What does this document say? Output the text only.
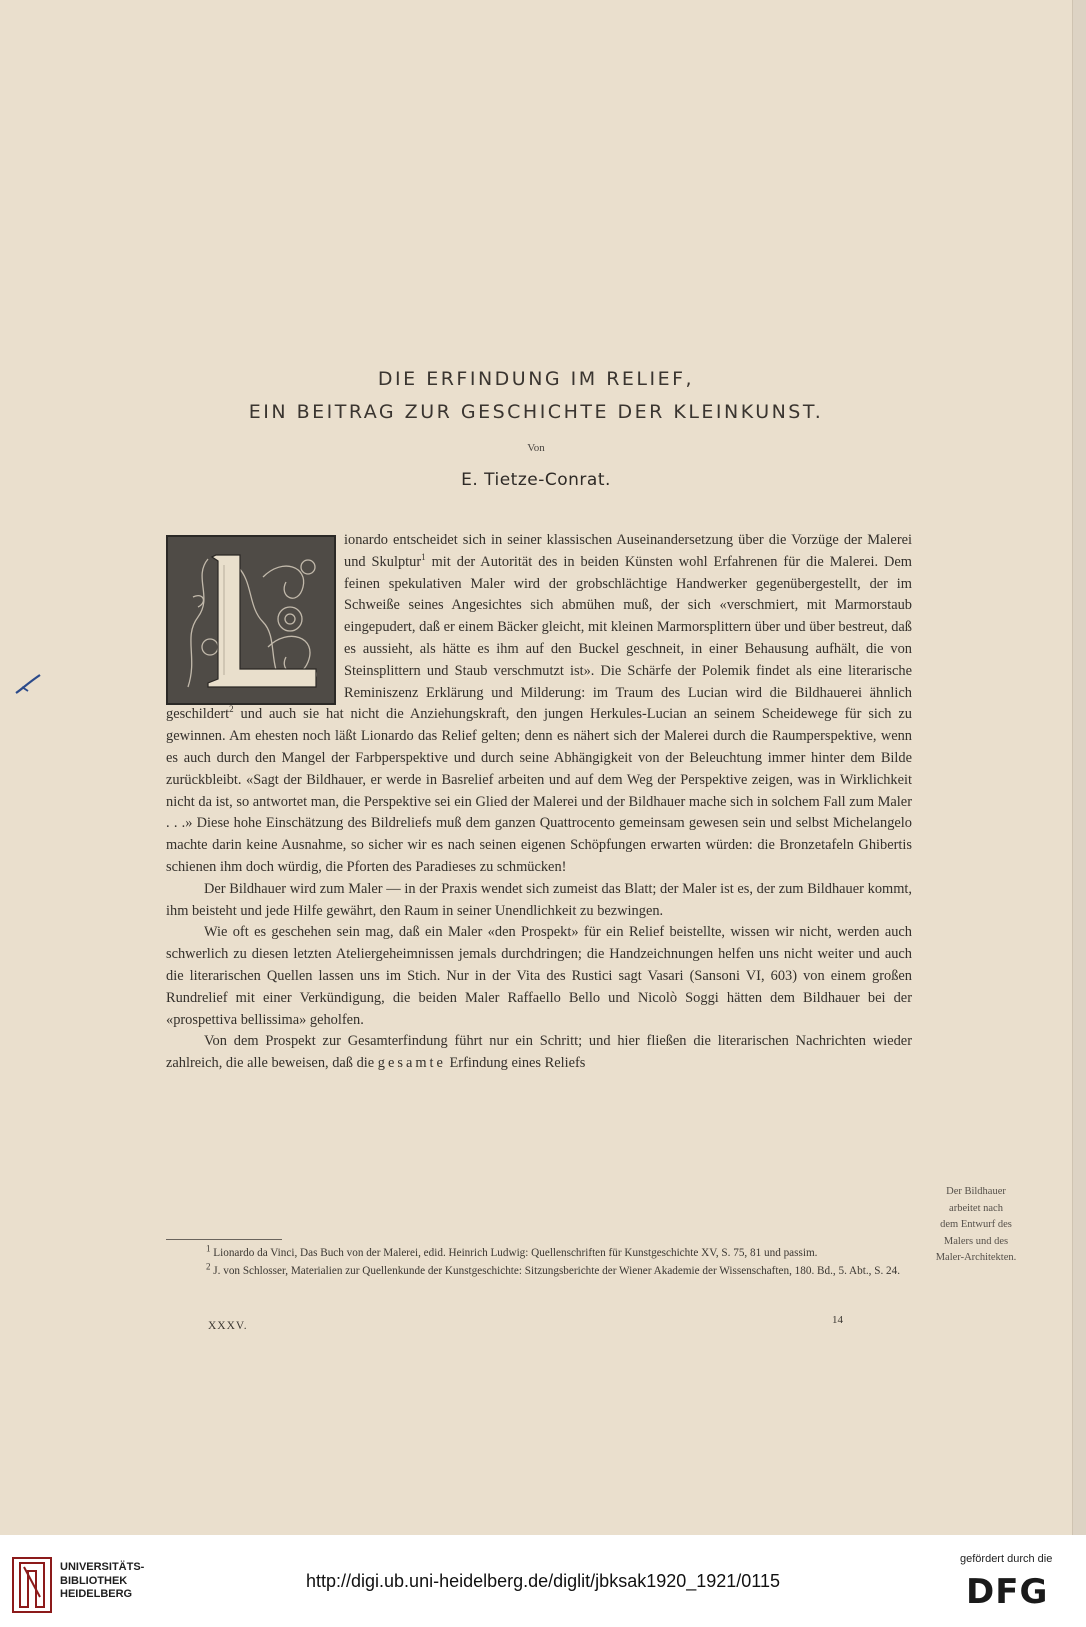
DIE ERFINDUNG IM RELIEF,
EIN BEITRAG ZUR GESCHICHTE DER KLEINKUNST.
Von
E. Tietze-Conrat.

ionardo entscheidet sich in seiner klassischen Auseinandersetzung über die Vorzüge der Malerei und Skulptur$^1$ mit der Autorität des in beiden Künsten wohl Erfahrenen für die Malerei. Dem feinen spekulativen Maler wird der grobschlächtige Handwerker gegenübergestellt, der im Schweiße seines Angesichtes sich abmühen muß, der sich «verschmiert, mit Marmorstaub eingepudert, daß er einem Bäcker gleicht, mit kleinen Marmorsplittern über und über bestreut, daß es aussieht, als hätte es ihm auf den Buckel geschneit, in einer Behausung aufhält, die von Steinsplittern und Staub verschmutzt ist». Die Schärfe der Polemik findet als eine literarische Reminiszenz Erklärung und Milderung: im Traum des Lucian wird die Bildhauerei ähnlich geschildert$^2$ und auch sie hat nicht die Anziehungskraft, den jungen Herkules-Lucian an seinem Scheidewege für sich zu gewinnen. Am ehesten noch läßt Lionardo das Relief gelten; denn es nähert sich der Malerei durch die Raumperspektive, wenn es auch durch den Mangel der Farbperspektive und durch seine Abhängigkeit von der Beleuchtung immer hinter dem Bilde zurückbleibt. «Sagt der Bildhauer, er werde in Basrelief arbeiten und auf dem Weg der Perspektive zeigen, was in Wirklichkeit nicht da ist, so antwortet man, die Perspektive sei ein Glied der Malerei und der Bildhauer mache sich in solchem Fall zum Maler . . .» Diese hohe Einschätzung des Bildreliefs muß dem ganzen Quattrocento gemeinsam gewesen sein und selbst Michelangelo machte darin keine Ausnahme, so sicher wir es nach seinen eigenen Schöpfungen erwarten würden: die Bronzetafeln Ghibertis schienen ihm doch würdig, die Pforten des Paradieses zu schmücken!

Der Bildhauer wird zum Maler — in der Praxis wendet sich zumeist das Blatt; der Maler ist es, der zum Bildhauer kommt, ihm beisteht und jede Hilfe gewährt, den Raum in seiner Unendlichkeit zu bezwingen.

Wie oft es geschehen sein mag, daß ein Maler «den Prospekt» für ein Relief beistellte, wissen wir nicht, werden auch schwerlich zu diesen letzten Ateliergeheimnissen jemals durchdringen; die Handzeichnungen helfen uns nicht weiter und auch die literarischen Quellen lassen uns im Stich. Nur in der Vita des Rustici sagt Vasari (Sansoni VI, 603) von einem großen Rundrelief mit einer Verkündigung, die beiden Maler Raffaello Bello und Nicolò Soggi hätten dem Bildhauer bei der «prospettiva bellissima» geholfen.

Von dem Prospekt zur Gesamterfindung führt nur ein Schritt; und hier fließen die literarischen Nachrichten wieder zahlreich, die alle beweisen, daß die gesamte Erfindung eines Reliefs

Der Bildhauer
arbeitet nach
dem Entwurf des
Malers und des
Maler-Architekten.

$^1$ Lionardo da Vinci, Das Buch von der Malerei, edid. Heinrich Ludwig: Quellenschriften für Kunstgeschichte XV, S. 75, 81 und passim.

$^2$ J. von Schlosser, Materialien zur Quellenkunde der Kunstgeschichte: Sitzungsberichte der Wiener Akademie der Wissenschaften, 180. Bd., 5. Abt., S. 24.

XXXV.	14
UNIVERSITÄTS-
BIBLIOTHEK
HEIDELBERG
http://digi.ub.uni-heidelberg.de/diglit/jbksak1920_1921/0115
gefördert durch die
DFG
